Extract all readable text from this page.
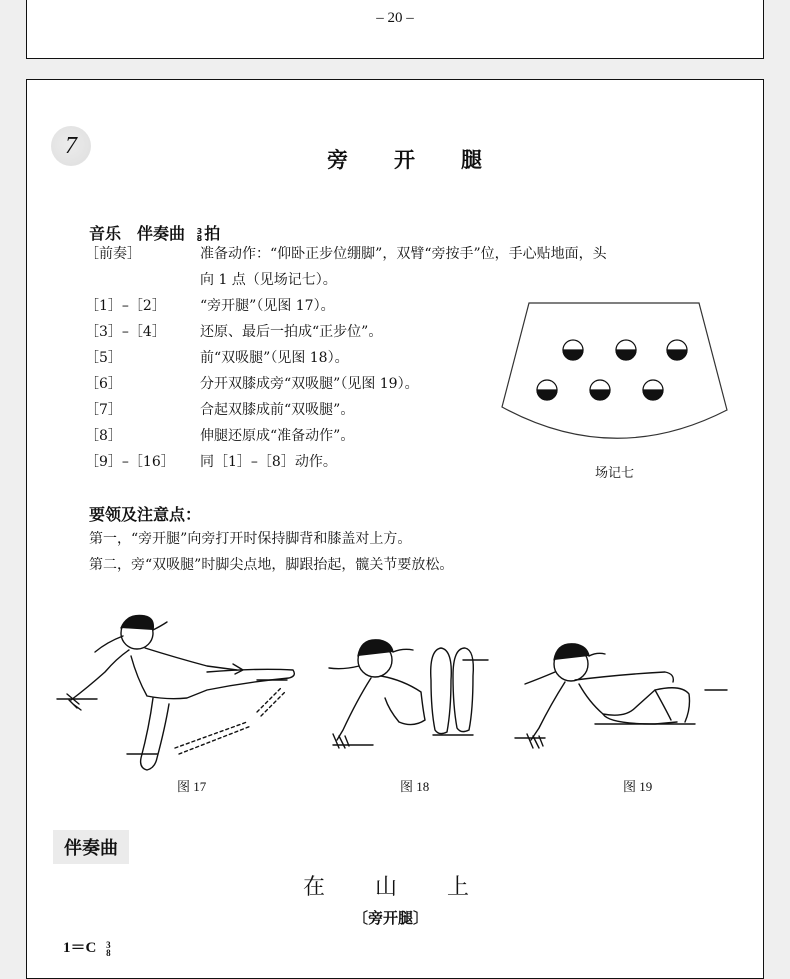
– 20 –
7
旁 开 腿
音乐 伴奏曲 3
8 拍
［前奏］	准备动作：“仰卧正步位绷脚”，双臂“旁按手”位，手心贴地面，头
向 1 点（见场记七）。
［1］–［2］	“旁开腿”（见图 17）。
［3］–［4］	还原、最后一拍成“正步位”。
［5］	前“双吸腿”（见图 18）。
［6］	分开双膝成旁“双吸腿”（见图 19）。
［7］	合起双膝成前“双吸腿”。
［8］	伸腿还原成“准备动作”。
［9］–［16］	同［1］–［8］动作。
场记七
要领及注意点：
第一，“旁开腿”向旁打开时保持脚背和膝盖对上方。
第二，旁“双吸腿”时脚尖点地，脚跟抬起，髋关节要放松。
图 17	图 18	图 19
伴奏曲
在 山 上
〔旁开腿〕
1＝C 3
8
